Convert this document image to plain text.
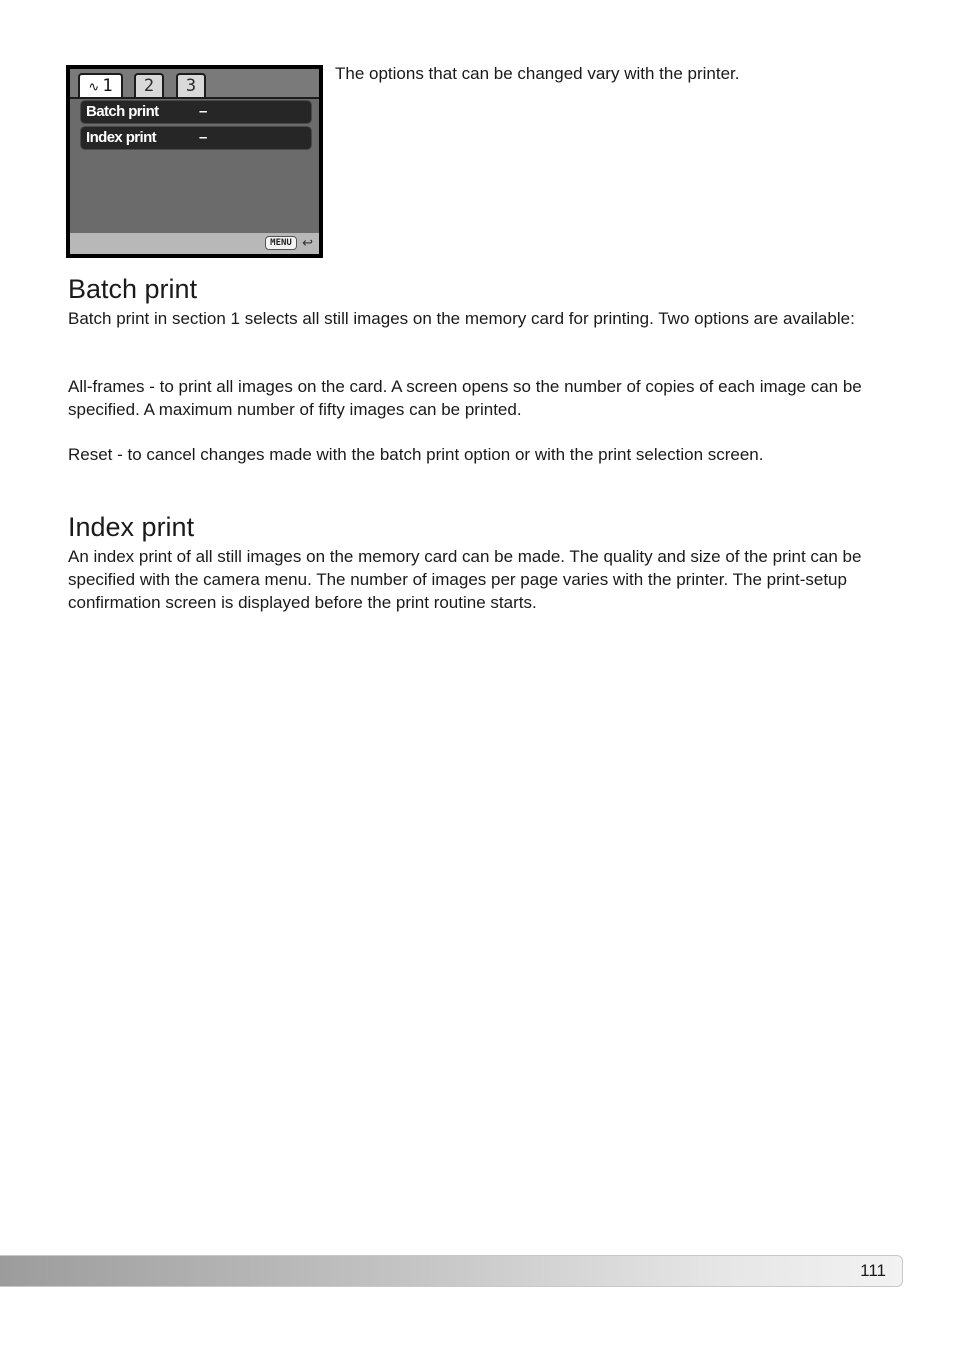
∿ 1	2	3
Batch print	–
Index print	–
MENU ↩
The options that can be changed vary with the printer.
Batch print

Batch print in section 1 selects all still images on the memory card for printing. Two options are available:

All-frames - to print all images on the card. A screen opens so the number of copies of each image can be specified. A maximum number of fifty images can be printed.

Reset - to cancel changes made with the batch print option or with the print selection screen.

Index print

An index print of all still images on the memory card can be made. The quality and size of the print can be specified with the camera menu. The number of images per page varies with the printer. The print-setup confirmation screen is displayed before the print routine starts.

111
